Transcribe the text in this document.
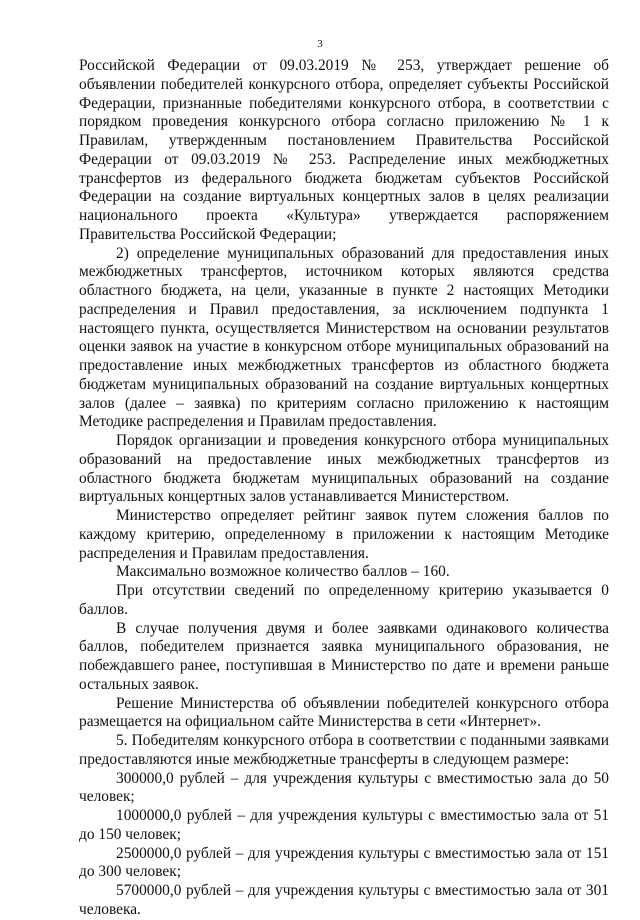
3

Российской Федерации от 09.03.2019 № 253, утверждает решение об объявлении победителей конкурсного отбора, определяет субъекты Российской Федерации, признанные победителями конкурсного отбора, в соответствии с порядком проведения конкурсного отбора согласно приложению № 1 к Правилам, утвержденным постановлением Правительства Российской Федерации от 09.03.2019 № 253. Распределение иных межбюджетных трансфертов из федерального бюджета бюджетам субъектов Российской Федерации на создание виртуальных концертных залов в целях реализации национального проекта «Культура» утверждается распоряжением Правительства Российской Федерации;

2) определение муниципальных образований для предоставления иных межбюджетных трансфертов, источником которых являются средства областного бюджета, на цели, указанные в пункте 2 настоящих Методики распределения и Правил предоставления, за исключением подпункта 1 настоящего пункта, осуществляется Министерством на основании результатов оценки заявок на участие в конкурсном отборе муниципальных образований на предоставление иных межбюджетных трансфертов из областного бюджета бюджетам муниципальных образований на создание виртуальных концертных залов (далее – заявка) по критериям согласно приложению к настоящим Методике распределения и Правилам предоставления.

Порядок организации и проведения конкурсного отбора муниципальных образований на предоставление иных межбюджетных трансфертов из областного бюджета бюджетам муниципальных образований на создание виртуальных концертных залов устанавливается Министерством.

Министерство определяет рейтинг заявок путем сложения баллов по каждому критерию, определенному в приложении к настоящим Методике распределения и Правилам предоставления.

Максимально возможное количество баллов – 160.

При отсутствии сведений по определенному критерию указывается 0 баллов.

В случае получения двумя и более заявками одинакового количества баллов, победителем признается заявка муниципального образования, не побеждавшего ранее, поступившая в Министерство по дате и времени раньше остальных заявок.

Решение Министерства об объявлении победителей конкурсного отбора размещается на официальном сайте Министерства в сети «Интернет».

5. Победителям конкурсного отбора в соответствии с поданными заявками предоставляются иные межбюджетные трансферты в следующем размере:

300000,0 рублей – для учреждения культуры с вместимостью зала до 50 человек;

1000000,0 рублей – для учреждения культуры с вместимостью зала от 51 до 150 человек;

2500000,0 рублей – для учреждения культуры с вместимостью зала от 151 до 300 человек;

5700000,0 рублей – для учреждения культуры с вместимостью зала от 301 человека.
